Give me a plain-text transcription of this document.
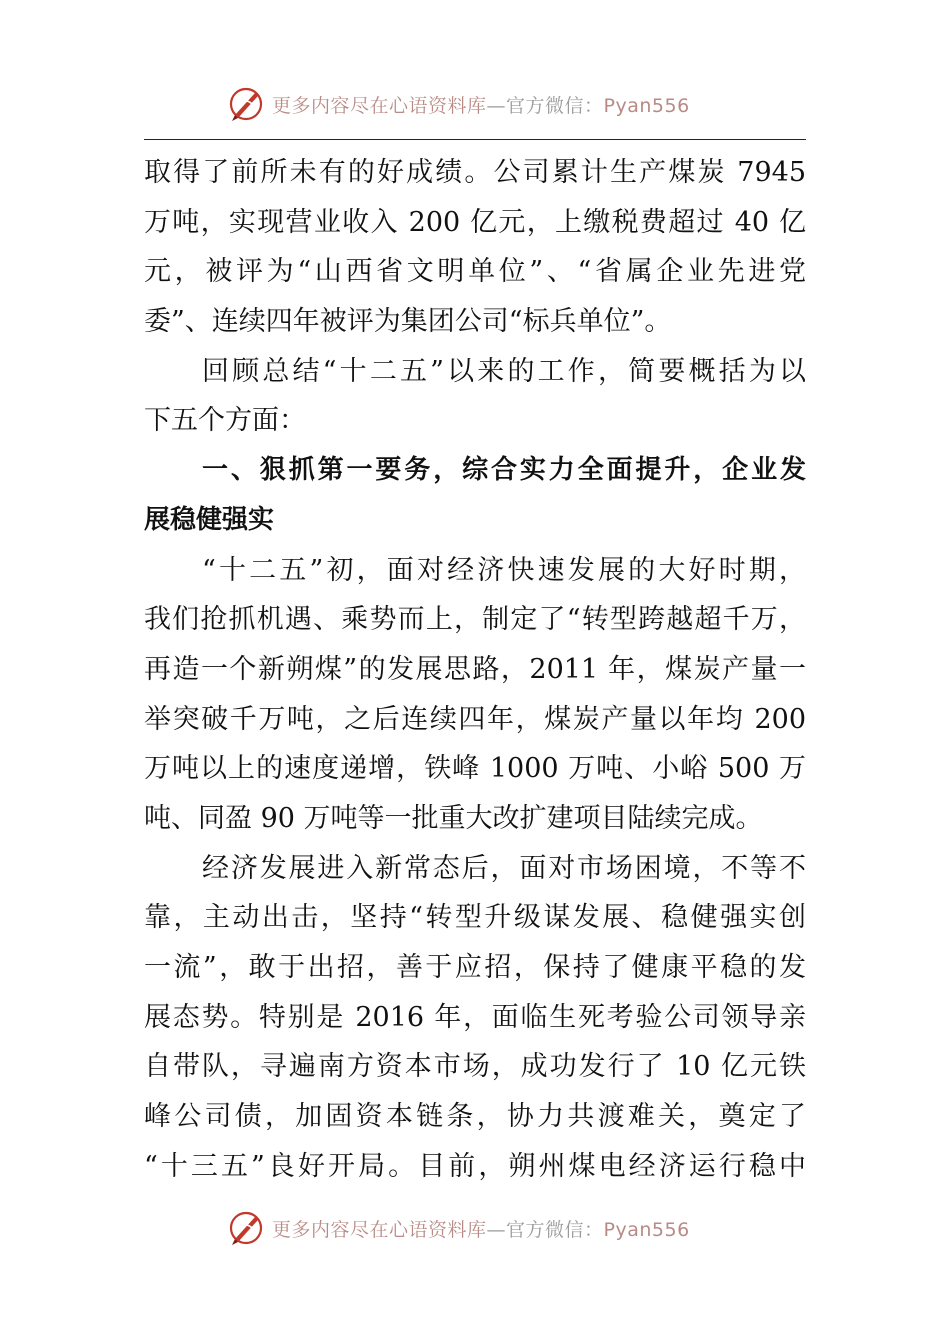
更多内容尽在心语资料库—官方微信：Pyan556
取得了前所未有的好成绩。公司累计生产煤炭 7945
万吨，实现营业收入 200 亿元，上缴税费超过 40 亿
元，被评为“山西省文明单位”、“省属企业先进党
委”、连续四年被评为集团公司“标兵单位”。
回顾总结“十二五”以来的工作，简要概括为以
下五个方面：
一、狠抓第一要务，综合实力全面提升，企业发
展稳健强实
“十二五”初，面对经济快速发展的大好时期，
我们抢抓机遇、乘势而上，制定了“转型跨越超千万，
再造一个新朔煤”的发展思路，2011 年，煤炭产量一
举突破千万吨，之后连续四年，煤炭产量以年均 200
万吨以上的速度递增，铁峰 1000 万吨、小峪 500 万
吨、同盈 90 万吨等一批重大改扩建项目陆续完成。
经济发展进入新常态后，面对市场困境，不等不
靠，主动出击，坚持“转型升级谋发展、稳健强实创
一流”，敢于出招，善于应招，保持了健康平稳的发
展态势。特别是 2016 年，面临生死考验公司领导亲
自带队，寻遍南方资本市场，成功发行了 10 亿元铁
峰公司债，加固资本链条，协力共渡难关，奠定了
“十三五”良好开局。目前，朔州煤电经济运行稳中
更多内容尽在心语资料库—官方微信：Pyan556
